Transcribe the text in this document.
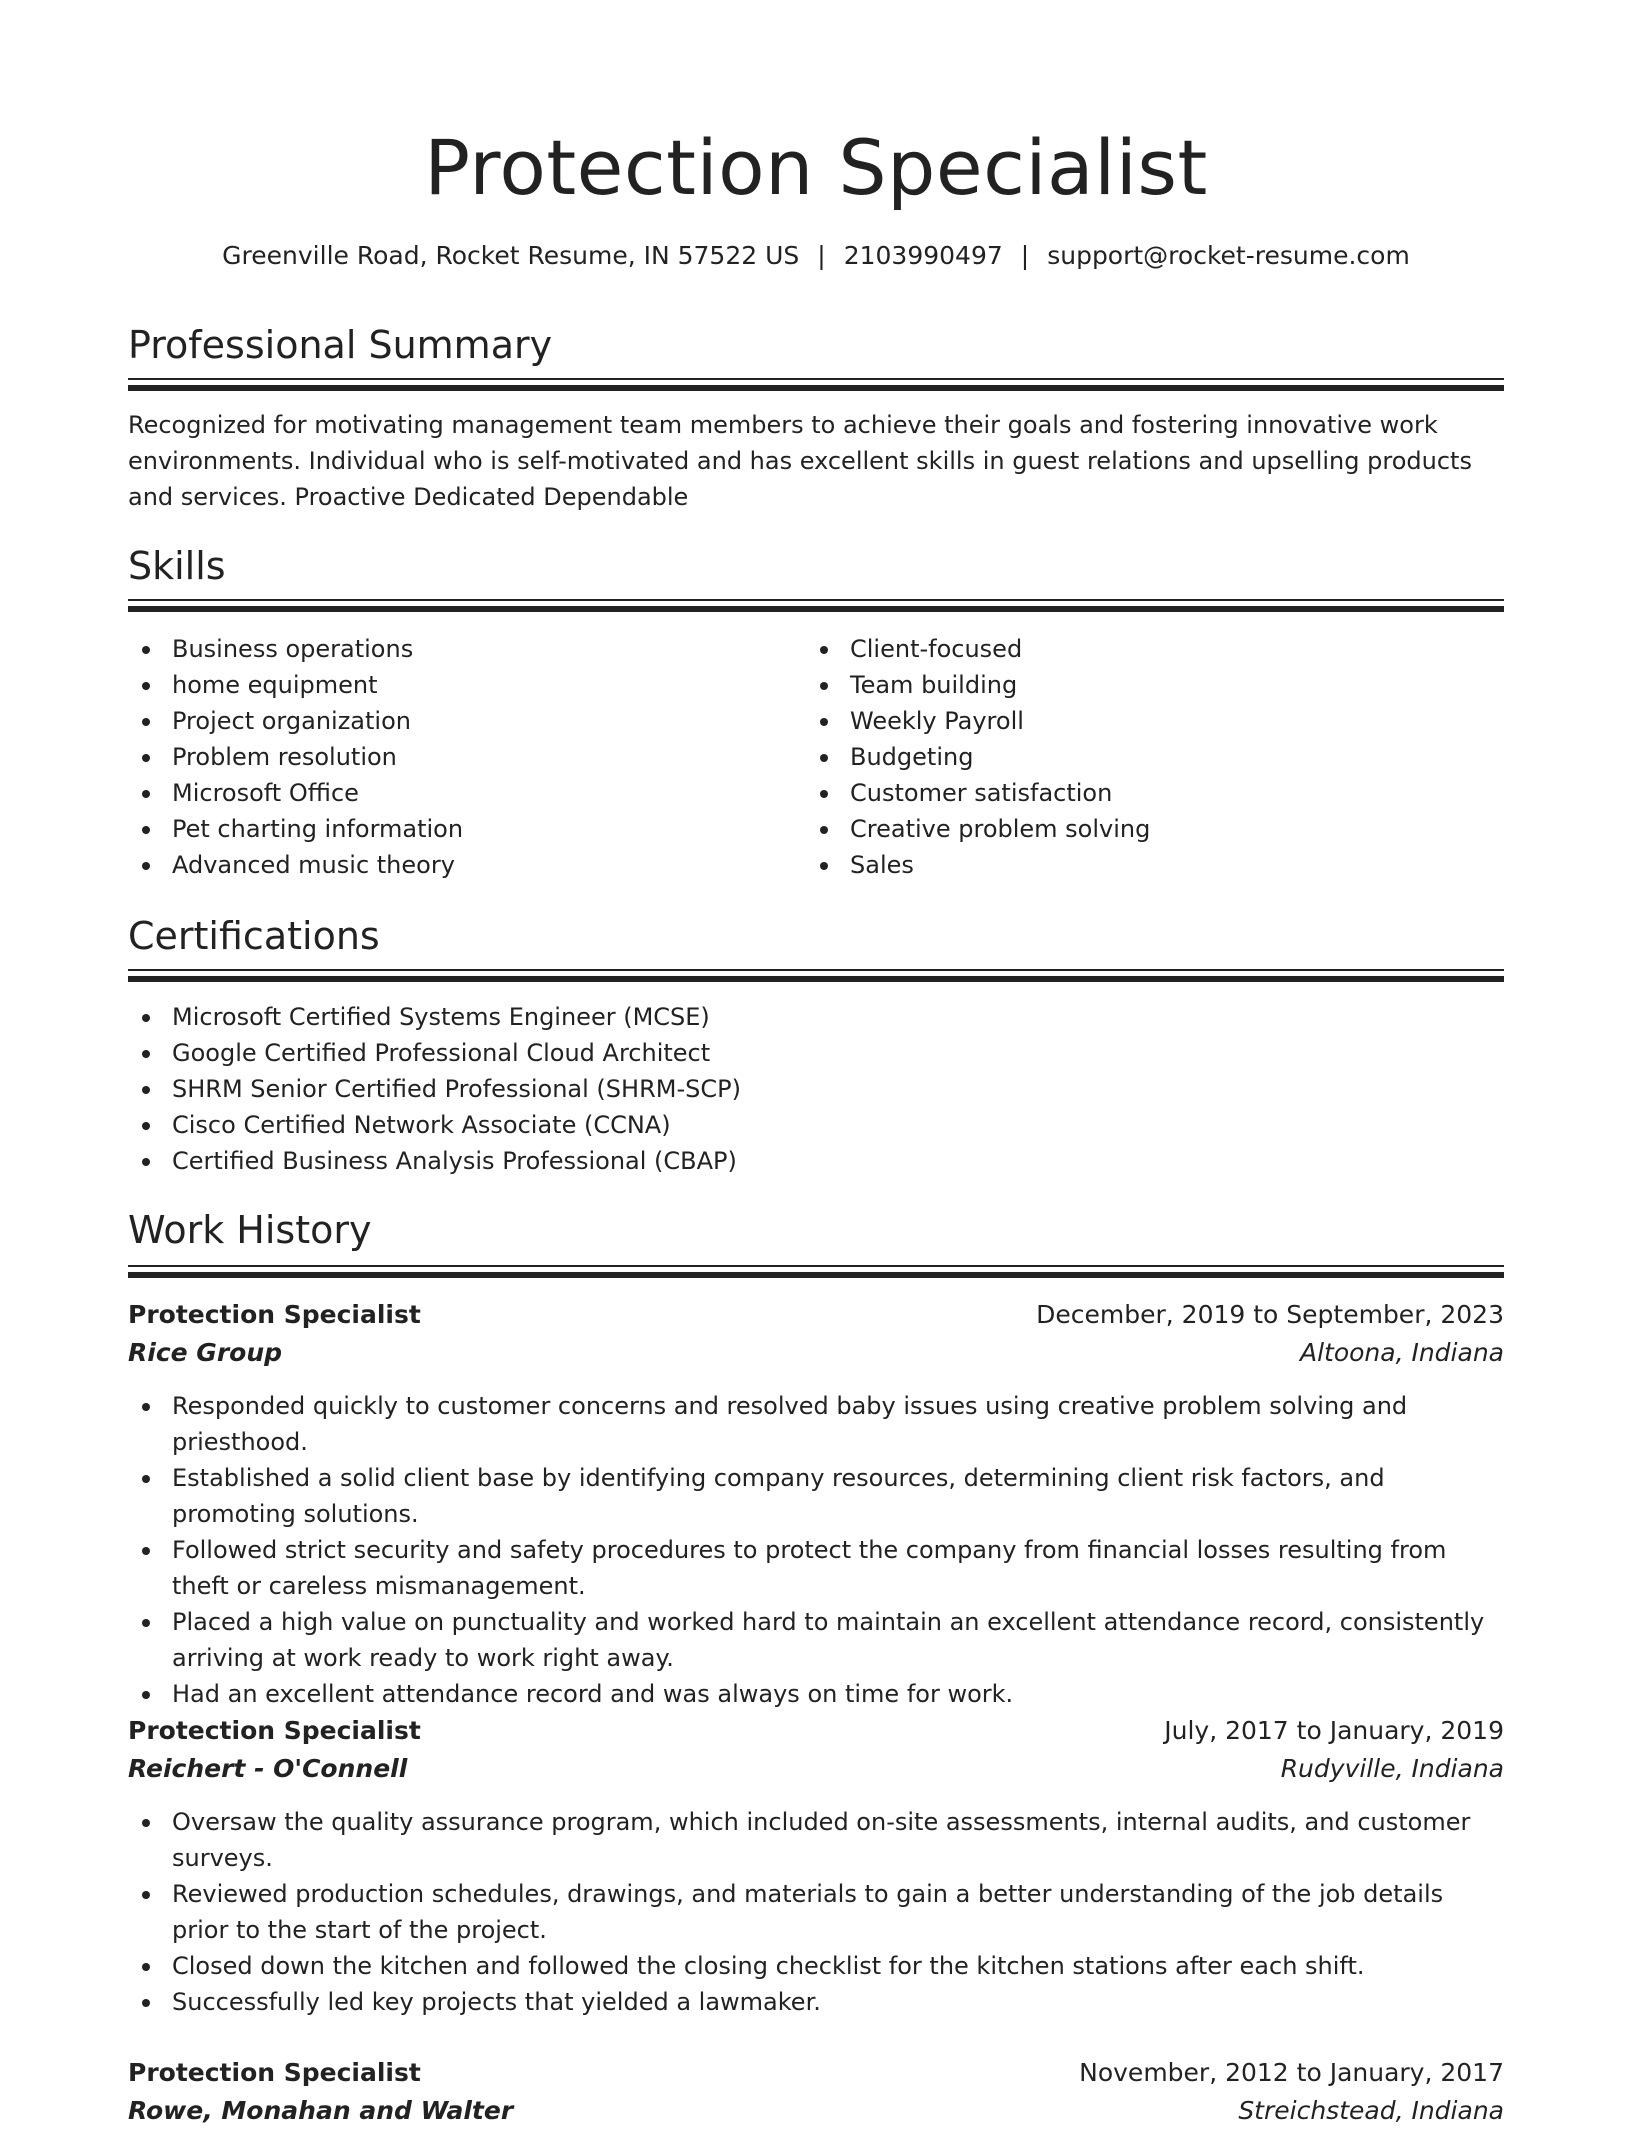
Protection Specialist
Greenville Road, Rocket Resume, IN 57522 US | 2103990497 | support@rocket-resume.com
Professional Summary

Recognized for motivating management team members to achieve their goals and fostering innovative work environments. Individual who is self-motivated and has excellent skills in guest relations and upselling products and services. Proactive Dedicated Dependable

Skills
Business operations
home equipment
Project organization
Problem resolution
Microsoft Office
Pet charting information
Advanced music theory
Client-focused
Team building
Weekly Payroll
Budgeting
Customer satisfaction
Creative problem solving
Sales
Certifications
Microsoft Certified Systems Engineer (MCSE)
Google Certified Professional Cloud Architect
SHRM Senior Certified Professional (SHRM-SCP)
Cisco Certified Network Associate (CCNA)
Certified Business Analysis Professional (CBAP)
Work History
Protection Specialist	December, 2019 to September, 2023
Rice Group	Altoona, Indiana
Responded quickly to customer concerns and resolved baby issues using creative problem solving and priesthood.
Established a solid client base by identifying company resources, determining client risk factors, and promoting solutions.
Followed strict security and safety procedures to protect the company from financial losses resulting from theft or careless mismanagement.
Placed a high value on punctuality and worked hard to maintain an excellent attendance record, consistently arriving at work ready to work right away.
Had an excellent attendance record and was always on time for work.
Protection Specialist	July, 2017 to January, 2019
Reichert - O'Connell	Rudyville, Indiana
Oversaw the quality assurance program, which included on-site assessments, internal audits, and customer surveys.
Reviewed production schedules, drawings, and materials to gain a better understanding of the job details prior to the start of the project.
Closed down the kitchen and followed the closing checklist for the kitchen stations after each shift.
Successfully led key projects that yielded a lawmaker.
Protection Specialist	November, 2012 to January, 2017
Rowe, Monahan and Walter	Streichstead, Indiana
